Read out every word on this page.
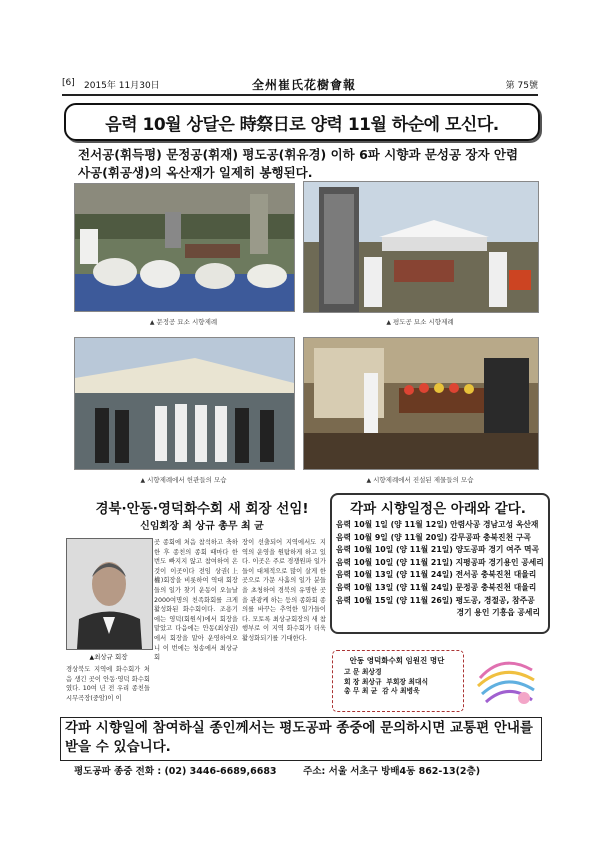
[6] 2015年 11月30日	全州崔氏花樹會報	第 75號
음력 10월 상달은 時祭日로 양력 11월 하순에 모신다.
전서공(휘득평) 문정공(휘재) 평도공(휘유경) 이하 6파 시향과 문성공 장자 안렴사공(휘공생)의 옥산재가 일제히 봉행된다.
▲ 문정공 묘소 시향제례	▲ 평도공 묘소 시향제례
▲ 시향제례에서 헌관들의 모습	▲ 시향제례에서 진설된 제물들의 모습
경북·안동·영덕화수회 새 회장 선임!
신임회장 최 상규 총무 최 균
▲최상규 회장
경상북도 지역에 화수회가 처음 생긴 곳이 안동·영덕 화수회였다. 10여 년 전 우리 종친들 시무곡장(중암)이 이
곳 종회에 처음 참석하고 축하한 후 종친의 종회 때마다 한 번도 빠지지 않고 참여하여 온 것이 이곳이다 전임 상권(上權)회장을 비롯하여 역대 회장들의 일가 찾기 운동이 오늘날 2000여명의 친족화회를 크게 활성화된 화수회이다. 조용기에는 영덕(회원식)에서 회장을 맡았고 다음에는 안동(최상권)에서 회장을 맡아 운영하여오니 이 번에는 청송에서 최상규회
장이 선출되어 지역에서도 지역의 운영을 원탐하게 하고 있다. 이곳은 주로 경쟁원파 일가들이 대체적으로 많이 살게 한 곳으로 가문 사흘의 일가 분들을 초청하여 경북의 유명한 곳을 관광케 하는 등의 종화회 종의를 바꾸는 추억한 일가들이다. 모토록 최상규회장의 새 참행부로 이 지역 화수회가 더욱 활성화되기를 기대한다.
각파 시향일정은 아래와 같다.
음력 10월 1일 (양 11월 12일) 안렴사공 경남고성 옥산재
음력 10월 9일 (양 11월 20일) 감무공파 충북진천 구곡
음력 10월 10일 (양 11월 21일) 양도공파 경기 여주 멱곡
음력 10월 10일 (양 11월 21일) 지평공파 경기용인 공세리
음력 10월 13일 (양 11월 24일) 전서공 충북진천 대율리
음력 10월 13일 (양 11월 24일) 문정공 충북진천 대율리
음력 10월 15일 (양 11월 26일) 평도공, 경절공, 참주공
경기 용인 기흥읍 공세리
안동 영덕화수회 임원진 명단
고 문 최상경
회 장 최상규 부회장 최대식
총 무 최 균 감 사 최병욱
각파 시향일에 참여하실 종인께서는 평도공파 종중에 문의하시면 교통편 안내를 받을 수 있습니다.
평도공파 종중 전화 : (02) 3446-6689,6683	주소: 서울 서초구 방배4동 862-13(2층)
